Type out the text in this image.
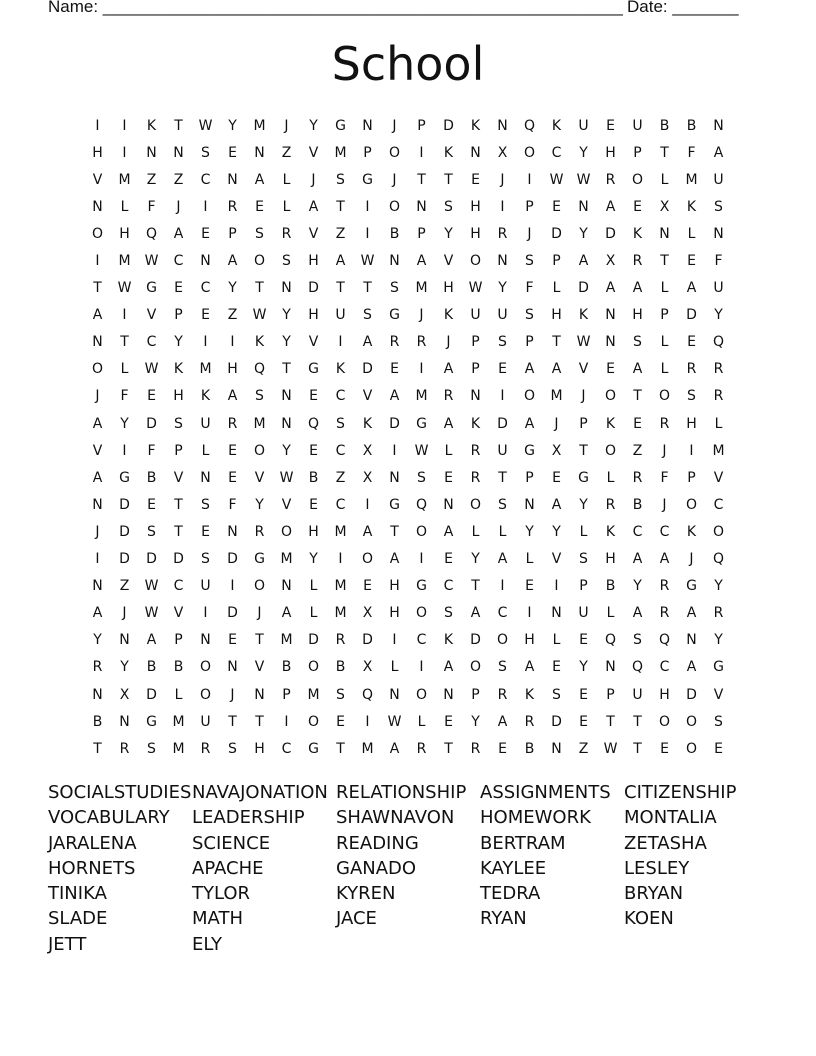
Name: _______________________________________________________ Date: _______
School
I	I	K	T	W	Y	M	J	Y	G	N	J	P	D	K	N	Q	K	U	E	U	B	B	N
H	I	N	N	S	E	N	Z	V	M	P	O	I	K	N	X	O	C	Y	H	P	T	F	A
V	M	Z	Z	C	N	A	L	J	S	G	J	T	T	E	J	I	W W	R	O	L	M	U
N	L	F	J	I	R	E	L	A	T	I	O	N	S	H	I	P	E	N	A	E	X	K	S
O	H	Q	A	E	P	S	R	V	Z	I	B	P	Y	H	R	J	D	Y	D	K	N	L	N
I	M	W	C	N	A	O	S	H	A	W	N	A	V	O	N	S	P	A	X	R	T	E	F
T	W	G	E	C	Y	T	N	D	T	T	S	M	H	W	Y	F	L	D	A	A	L	A	U
A	I	V	P	E	Z	W	Y	H	U	S	G	J	K	U	U	S	H	K	N	H	P	D	Y
N	T	C	Y	I	I	K	Y	V	I	A	R	R	J	P	S	P	T	W	N	S	L	E	Q
O	L	W	K	M	H	Q	T	G	K	D	E	I	A	P	E	A	A	V	E	A	L	R	R
J	F	E	H	K	A	S	N	E	C	V	A	M	R	N	I	O	M	J	O	T	O	S	R
A	Y	D	S	U	R	M	N	Q	S	K	D	G	A	K	D	A	J	P	K	E	R	H	L
V	I	F	P	L	E	O	Y	E	C	X	I	W	L	R	U	G	X	T	O	Z	J	I	M
A	G	B	V	N	E	V	W	B	Z	X	N	S	E	R	T	P	E	G	L	R	F	P	V
N	D	E	T	S	F	Y	V	E	C	I	G	Q	N	O	S	N	A	Y	R	B	J	O	C
J	D	S	T	E	N	R	O	H	M	A	T	O	A	L	L	Y	Y	L	K	C	C	K	O
I	D	D	D	S	D	G	M	Y	I	O	A	I	E	Y	A	L	V	S	H	A	A	J	Q
N	Z	W	C	U	I	O	N	L	M	E	H	G	C	T	I	E	I	P	B	Y	R	G	Y
A	J	W	V	I	D	J	A	L	M	X	H	O	S	A	C	I	N	U	L	A	R	A	R
Y	N	A	P	N	E	T	M	D	R	D	I	C	K	D	O	H	L	E	Q	S	Q	N	Y
R	Y	B	B	O	N	V	B	O	B	X	L	I	A	O	S	A	E	Y	N	Q	C	A	G
N	X	D	L	O	J	N	P	M	S	Q	N	O	N	P	R	K	S	E	P	U	H	D	V
B	N	G	M	U	T	T	I	O	E	I	W	L	E	Y	A	R	D	E	T	T	O	O	S
T	R	S	M	R	S	H	C	G	T	M	A	R	T	R	E	B	N	Z	W	T	E	O	E
SOCIALSTUDIES NAVAJONATION RELATIONSHIP ASSIGNMENTS CITIZENSHIP
VOCABULARY	LEADERSHIP	SHAWNAVON	HOMEWORK	MONTALIA
JARALENA	SCIENCE	READING	BERTRAM	ZETASHA
HORNETS	APACHE	GANADO	KAYLEE	LESLEY
TINIKA	TYLOR	KYREN	TEDRA	BRYAN
SLADE	MATH	JACE	RYAN	KOEN
JETT	ELY
